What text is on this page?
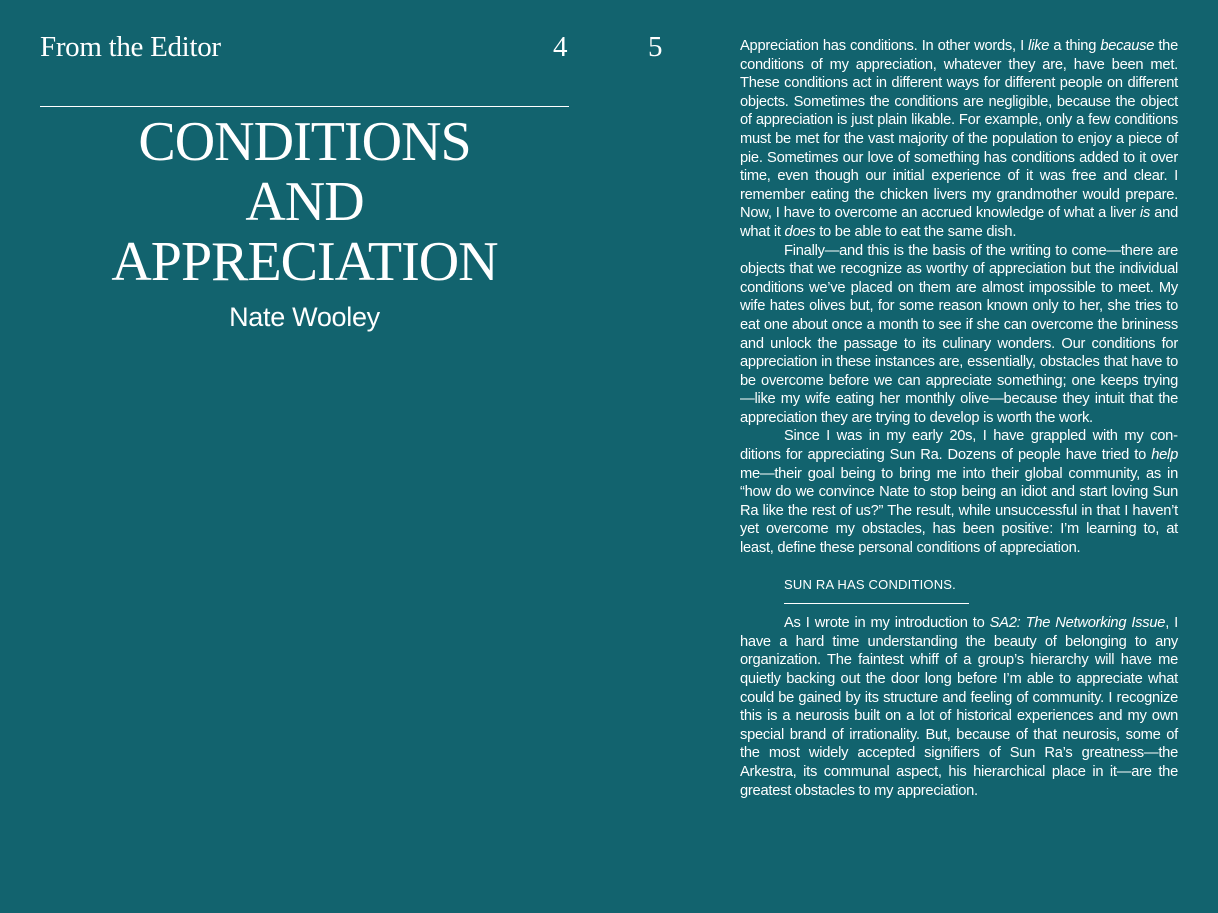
From the Editor	4	5
CONDITIONS
AND
APPRECIATION
Nate Wooley

Appreciation has conditions. In other words, I like a thing because the conditions of my appreciation, whatever they are, have been met. These conditions act in different ways for different people on different objects. Sometimes the conditions are negligible, because the object of appreciation is just plain likable. For example, only a few conditions must be met for the vast majority of the population to enjoy a piece of pie. Sometimes our love of something has conditions added to it over time, even though our initial experience of it was free and clear. I remember eating the chicken livers my grandmother would prepare. Now, I have to overcome an accrued knowledge of what a liver is and what it does to be able to eat the same dish.

Finally—and this is the basis of the writing to come—there are objects that we recognize as worthy of appreciation but the individual conditions we’ve placed on them are almost impossible to meet. My wife hates olives but, for some reason known only to her, she tries to eat one about once a month to see if she can overcome the brininess and unlock the passage to its culinary wonders. Our conditions for appreciation in these instances are, essentially, obstacles that have to be overcome before we can appreciate something; one keeps trying—like my wife eating her monthly olive—because they intuit that the appreciation they are trying to develop is worth the work.

Since I was in my early 20s, I have grappled with my conditions for appreciating Sun Ra. Dozens of people have tried to help me—their goal being to bring me into their global community, as in “how do we convince Nate to stop being an idiot and start loving Sun Ra like the rest of us?” The result, while unsuccessful in that I haven’t yet overcome my obstacles, has been positive: I’m learning to, at least, define these personal conditions of appreciation.

SUN RA HAS CONDITIONS.

As I wrote in my introduction to SA2: The Networking Issue, I have a hard time understanding the beauty of belonging to any organization. The faintest whiff of a group’s hierarchy will have me quietly backing out the door long before I’m able to appreciate what could be gained by its structure and feeling of community. I recognize this is a neurosis built on a lot of historical experiences and my own special brand of irrationality. But, because of that neurosis, some of the most widely accepted signifiers of Sun Ra’s greatness—the Arkestra, its communal aspect, his hierarchical place in it—are the greatest obstacles to my appreciation.
